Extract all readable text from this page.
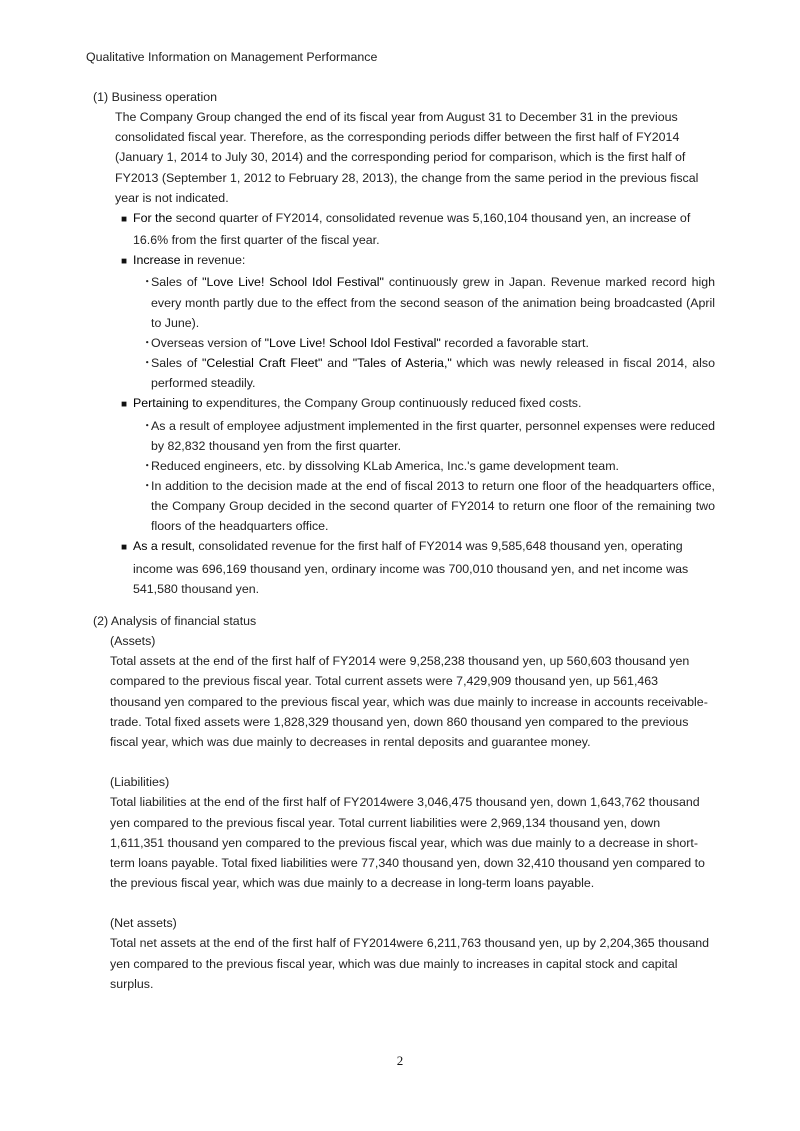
Qualitative Information on Management Performance
(1) Business operation

The Company Group changed the end of its fiscal year from August 31 to December 31 in the previous consolidated fiscal year. Therefore, as the corresponding periods differ between the first half of FY2014 (January 1, 2014 to July 30, 2014) and the corresponding period for comparison, which is the first half of FY2013 (September 1, 2012 to February 28, 2013), the change from the same period in the previous fiscal year is not indicated.

■ For the second quarter of FY2014, consolidated revenue was 5,160,104 thousand yen, an increase of 16.6% from the first quarter of the fiscal year.
■ Increase in revenue:
・Sales of "Love Live! School Idol Festival" continuously grew in Japan. Revenue marked record high every month partly due to the effect from the second season of the animation being broadcasted (April to June).
・Overseas version of "Love Live! School Idol Festival" recorded a favorable start.
・Sales of "Celestial Craft Fleet" and "Tales of Asteria," which was newly released in fiscal 2014, also performed steadily.
■ Pertaining to expenditures, the Company Group continuously reduced fixed costs.
・As a result of employee adjustment implemented in the first quarter, personnel expenses were reduced by 82,832 thousand yen from the first quarter.
・Reduced engineers, etc. by dissolving KLab America, Inc.'s game development team.
・In addition to the decision made at the end of fiscal 2013 to return one floor of the headquarters office, the Company Group decided in the second quarter of FY2014 to return one floor of the remaining two floors of the headquarters office.
■ As a result, consolidated revenue for the first half of FY2014 was 9,585,648 thousand yen, operating income was 696,169 thousand yen, ordinary income was 700,010 thousand yen, and net income was 541,580 thousand yen.
(2) Analysis of financial status
(Assets)

Total assets at the end of the first half of FY2014 were 9,258,238 thousand yen, up 560,603 thousand yen compared to the previous fiscal year. Total current assets were 7,429,909 thousand yen, up 561,463 thousand yen compared to the previous fiscal year, which was due mainly to increase in accounts receivable-trade. Total fixed assets were 1,828,329 thousand yen, down 860 thousand yen compared to the previous fiscal year, which was due mainly to decreases in rental deposits and guarantee money.

(Liabilities)

Total liabilities at the end of the first half of FY2014were 3,046,475 thousand yen, down 1,643,762 thousand yen compared to the previous fiscal year. Total current liabilities were 2,969,134 thousand yen, down 1,611,351 thousand yen compared to the previous fiscal year, which was due mainly to a decrease in short-term loans payable. Total fixed liabilities were 77,340 thousand yen, down 32,410 thousand yen compared to the previous fiscal year, which was due mainly to a decrease in long-term loans payable.

(Net assets)

Total net assets at the end of the first half of FY2014were 6,211,763 thousand yen, up by 2,204,365 thousand yen compared to the previous fiscal year, which was due mainly to increases in capital stock and capital surplus.

2
